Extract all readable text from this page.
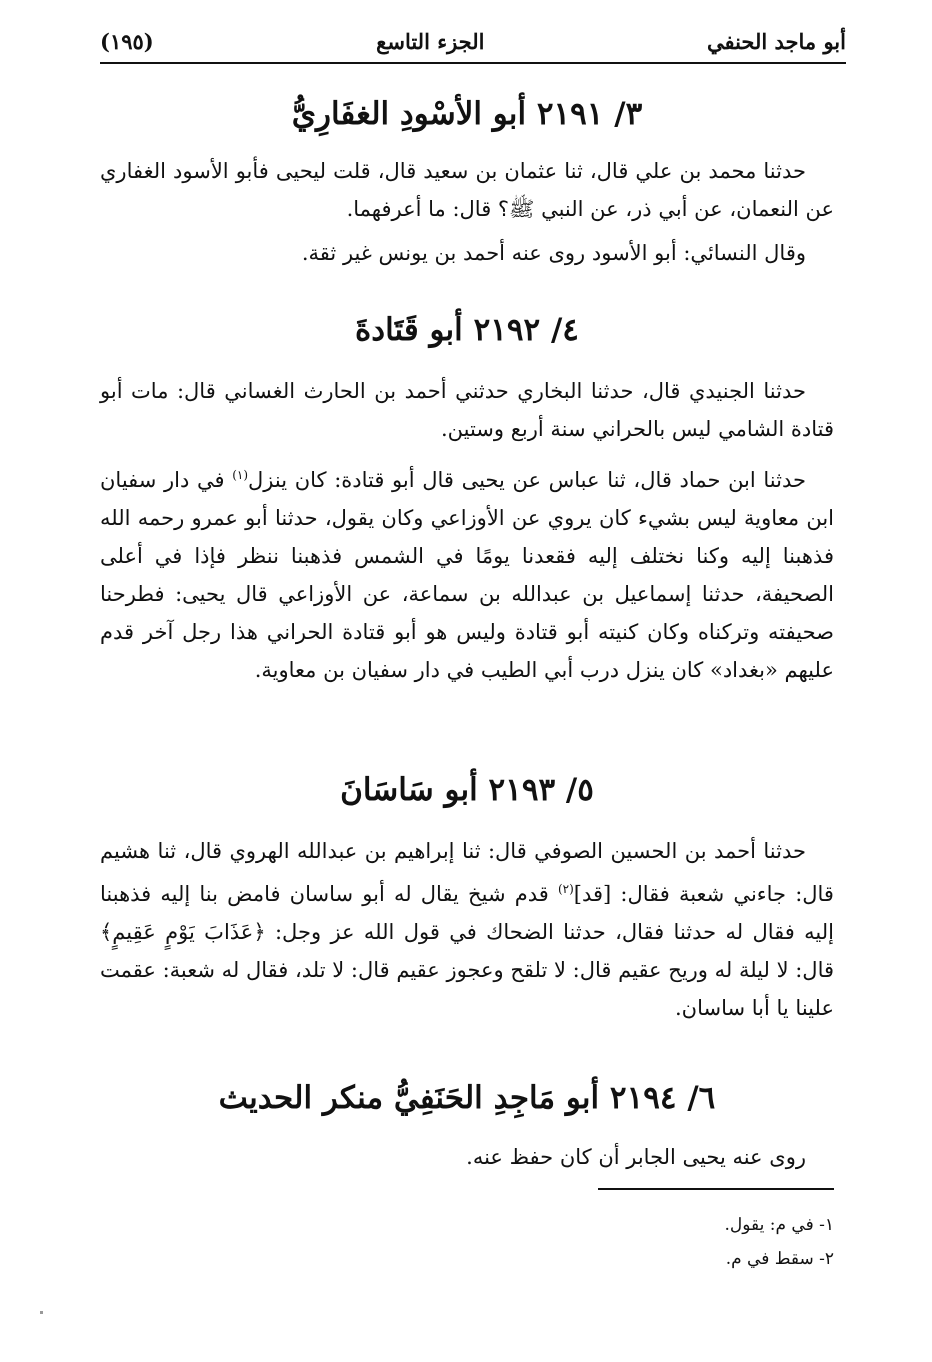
أبو ماجد الحنفي
الجزء التاسع
(١٩٥)
٣/ ٢١٩١ أبو الأسْودِ الغفَارِيُّ

حدثنا محمد بن علي قال، ثنا عثمان بن سعيد قال، قلت ليحيى فأبو الأسود الغفاري عن النعمان، عن أبي ذر، عن النبي ﷺ؟ قال: ما أعرفهما.

وقال النسائي: أبو الأسود روى عنه أحمد بن يونس غير ثقة.

٤/ ٢١٩٢ أبو قَتَادةَ

حدثنا الجنيدي قال، حدثنا البخاري حدثني أحمد بن الحارث الغساني قال: مات أبو قتادة الشامي ليس بالحراني سنة أربع وستين.

حدثنا ابن حماد قال، ثنا عباس عن يحيى قال أبو قتادة: كان ينزل$^{(١)}$ في دار سفيان ابن معاوية ليس بشيء كان يروي عن الأوزاعي وكان يقول، حدثنا أبو عمرو رحمه الله فذهبنا إليه وكنا نختلف إليه فقعدنا يومًا في الشمس فذهبنا ننظر فإذا في أعلى الصحيفة، حدثنا إسماعيل بن عبدالله بن سماعة، عن الأوزاعي قال يحيى: فطرحنا صحيفته وتركناه وكان كنيته أبو قتادة وليس هو أبو قتادة الحراني هذا رجل آخر قدم عليهم «بغداد» كان ينزل درب أبي الطيب في دار سفيان بن معاوية.

٥/ ٢١٩٣ أبو سَاسَانَ

حدثنا أحمد بن الحسين الصوفي قال: ثنا إبراهيم بن عبدالله الهروي قال، ثنا هشيم قال: جاءني شعبة فقال: [قد]$^{(٢)}$ قدم شيخ يقال له أبو ساسان فامض بنا إليه فذهبنا إليه فقال له حدثنا فقال، حدثنا الضحاك في قول الله عز وجل: ﴿عَذَابَ يَوْمٍ عَقِيمٍ﴾ قال: لا ليلة له وريح عقيم قال: لا تلقح وعجوز عقيم قال: لا تلد، فقال له شعبة: عقمت علينا يا أبا ساسان.

٦/ ٢١٩٤ أبو مَاجِدِ الحَنَفِيُّ منكر الحديث

روى عنه يحيى الجابر أن كان حفظ عنه.

١- في م: يقول.
٢- سقط في م.
